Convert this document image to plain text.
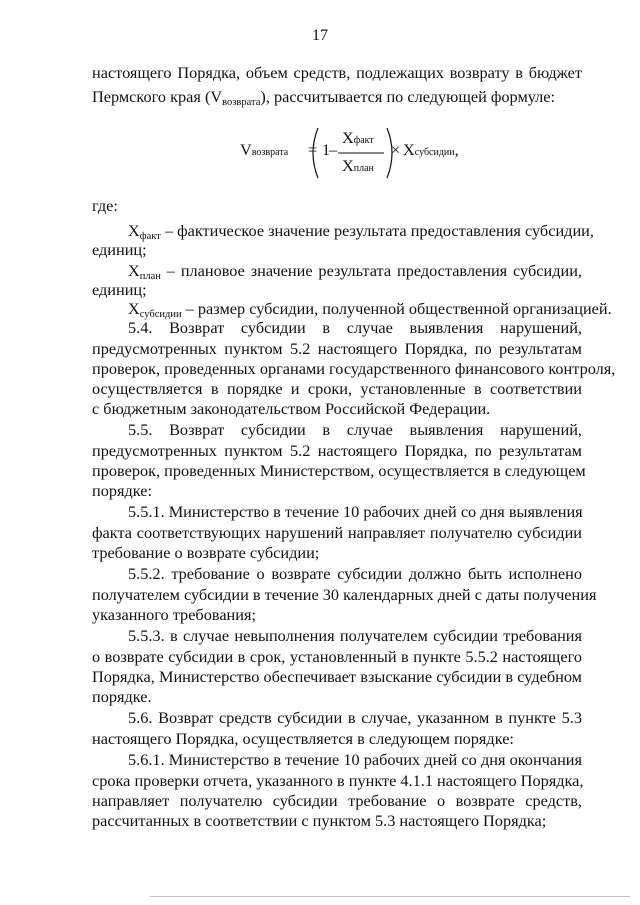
17
настоящего Порядка, объем средств, подлежащих возврату в бюджет
Пермского края $(V_{возврата})$, рассчитывается по следующей формуле:
Vвозврата = 1
–
Xфакт
Xплан
× Xсубсидии,
где:
$X_{факт}$ – фактическое значение результата предоставления субсидии,
единиц;
$X_{план}$ – плановое значение результата предоставления субсидии,
единиц;
$X_{субсидии}$ – размер субсидии, полученной общественной организацией.
5.4. Возврат субсидии в случае выявления нарушений,
предусмотренных пунктом 5.2 настоящего Порядка, по результатам
проверок, проведенных органами государственного финансового контроля,
осуществляется в порядке и сроки, установленные в соответствии
с бюджетным законодательством Российской Федерации.
5.5. Возврат субсидии в случае выявления нарушений,
предусмотренных пунктом 5.2 настоящего Порядка, по результатам
проверок, проведенных Министерством, осуществляется в следующем
порядке:
5.5.1. Министерство в течение 10 рабочих дней со дня выявления
факта соответствующих нарушений направляет получателю субсидии
требование о возврате субсидии;
5.5.2. требование о возврате субсидии должно быть исполнено
получателем субсидии в течение 30 календарных дней с даты получения
указанного требования;
5.5.3. в случае невыполнения получателем субсидии требования
о возврате субсидии в срок, установленный в пункте 5.5.2 настоящего
Порядка, Министерство обеспечивает взыскание субсидии в судебном
порядке.
5.6. Возврат средств субсидии в случае, указанном в пункте 5.3
настоящего Порядка, осуществляется в следующем порядке:
5.6.1. Министерство в течение 10 рабочих дней со дня окончания
срока проверки отчета, указанного в пункте 4.1.1 настоящего Порядка,
направляет получателю субсидии требование о возврате средств,
рассчитанных в соответствии с пунктом 5.3 настоящего Порядка;
